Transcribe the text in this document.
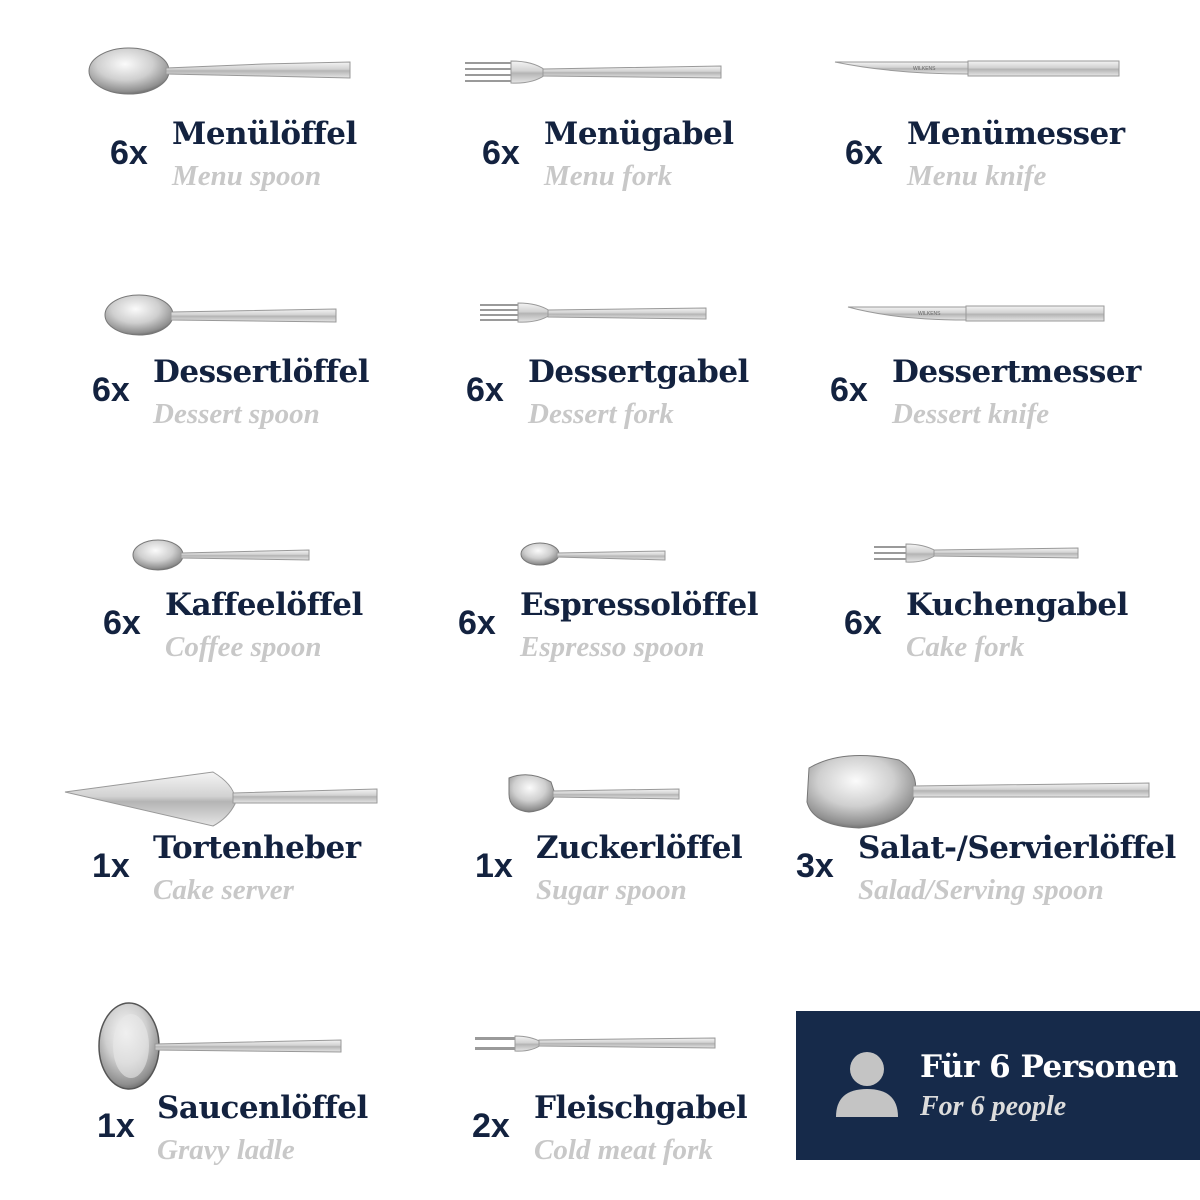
6x Menülöffel
Menu spoon
6x Menügabel
Menu fork
WILKENS
6x Menümesser
Menu knife
6x Dessertlöffel
Dessert spoon
6x Dessertgabel
Dessert fork
WILKENS
6x Dessertmesser
Dessert knife
6x Kaffeelöffel
Coffee spoon
6x Espressolöffel
Espresso spoon
6x Kuchengabel
Cake fork
1x Tortenheber
Cake server
1x Zuckerlöffel
Sugar spoon
3x Salat-/Servierlöffel
Salad/Serving spoon
1x Saucenlöffel
Gravy ladle
2x Fleischgabel
Cold meat fork
Für 6 Personen
For 6 people
